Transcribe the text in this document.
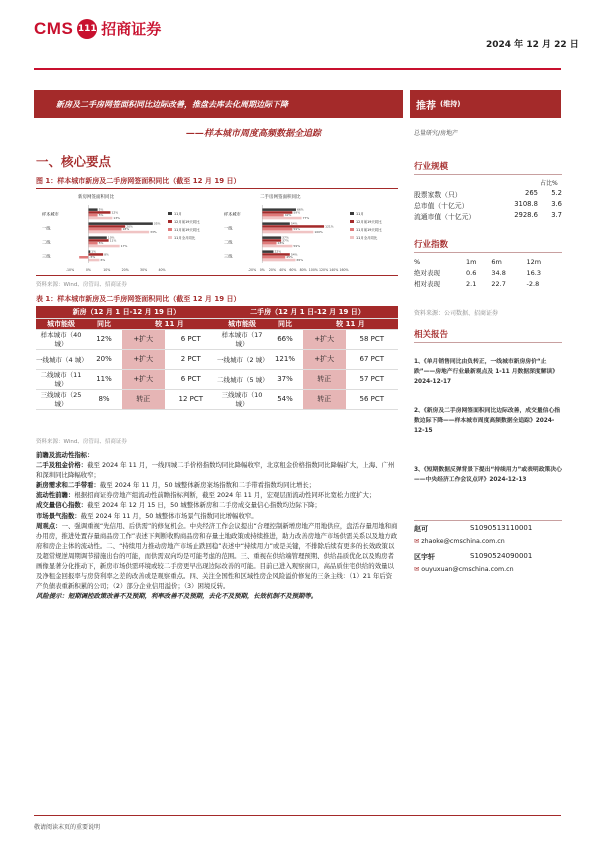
CMS 111 招商证券
2024 年 12 月 22 日
新房及二手房网签面积同比边际改善，推盘去库去化周期边际下降
——样本城市周度高频数据全追踪
推荐 (维持)
总量研究/房地产
行业规模
占比%
股票家数（只）	265	5.2
总市值（十亿元）	3108.8	3.6
流通市值（十亿元）	2928.6	3.7
行业指数
%	1m	6m	12m
绝对表现	0.6	34.8	16.3
相对表现	2.1	22.7	-2.8
资料来源：公司数据、招商证券
相关报告
1、《单月销售同比由负转正，一线城市新房房价“止跌”——房地产行业最新观点及 1-11 月数据深度解读》2024-12-17
2、《新房及二手房网签面积同比边际改善，成交量信心指数边际下降——样本城市周度高频数据全追踪》2024-12-15
3、《短期数据反弹背景下提出“持续用力”或表明政策决心——中央经济工作会议点评》2024-12-13
赵可	S1090513110001
✉ zhaoke@cmschina.com.cn
区宇轩	S1090524090001
✉ ouyuxuan@cmschina.com.cn
一、核心要点
图 1：样本城市新房及二手房网签面积同比（截至 12 月 19 日）
新房网签面积同比
样本城市
5%
12%
5%
13%
一线
35%
20%
18%
33%
二线
10%
11%
5%
17%
三线
1%
8%
-5%
6%
-10%	0%	10%	20%	30%	40%
11月
12月前19天同比
11月前19天同比
11月全月同比
二手房网签面积同比
样本城市
66%
59%
42%
77%
一线
54%
121%
59%
100%
二线
37%
37%
28%
59%
三线
22%
54%
45%
65%
-20% 0% 20% 40% 60% 80% 100% 120% 140% 160%
11月
12月前19天同比
11月前19天同比
11月全月同比
资料来源：Wind、房管局、招商证券
表 1：样本城市新房及二手房网签面积同比（截至 12 月 19 日）
新房（12 月 1 日-12 月 19 日）				二手房（12 月 1 日-12 月 19 日）			
城市能级	同比	较 11 月		城市能级	同比	较 11 月	
样本城市（40 城）	12%	+扩大	6 PCT	样本城市（17 城）	66%	+扩大	58 PCT
一线城市（4 城）	20%	+扩大	2 PCT	一线城市（2 城）	121%	+扩大	67 PCT
二线城市（11 城）	11%	+扩大	6 PCT	二线城市（5 城）	37%	转正	57 PCT
三线城市（25 城）	8%	转正	12 PCT	三线城市（10 城）	54%	转正	56 PCT
资料来源：Wind、房管局、招商证券
前瞻及流动性指标：
二手及租金价格：截至 2024 年 11 月，一线四城二手价格指数均同比降幅收窄，北京租金价格指数同比降幅扩大，上海、广州和深圳同比降幅收窄；
新房需求和二手带看：截至 2024 年 11 月，50 城整体新房案场指数和二手带看指数均同比增长；
流动性前瞻：根据招商证券房地产组流动性前瞻指标判断，截至 2024 年 11 月，宏观层面流动性同环比宽松力度扩大；
成交量信心指数：截至 2024 年 12 月 15 日，50 城整体新房和二手房成交量信心指数均边际下降；
市场景气指数：截至 2024 年 11 月，50 城整体市场景气指数同比增幅收窄。
周观点：一、强调重视“先信用、后供需”的修复机会。中央经济工作会议提出“合理控制新增房地产用地供应，盘活存量用地和商办用房，推进处置存量商品房工作”表述下判断收购商品房和存量土地政策或持续推进，助力改善房地产市场供需关系以及地方政府和房企主体的流动性。二、“持续用力推动房地产市场止跌回稳”表述中“持续用力”或是关键，不排除后续有更多的长效政策以及超常规逆周期调节措施出台的可能，而供需双向均是可能考虑的范围。三、重视在供给端管理预期、供给品质优化以及购房者画像显著分化推动下，新房市场供需环境或较二手房更早出现边际改善的可能。目前已进入观察窗口，高品质住宅供给的效量以及净租金回报率与房贷利率之差的改善或是观察重点。四、关注全国性和区域性房企风险溢价修复的三条主线：（1）21 年后资产负债表重新积累的公司；（2）部分企业信用溢价；（3）困境反转。
风险提示：短期调控政策改善不及预期，利率改善不及预期，去化不及预期，长效机制不及预期等。
敬请阅读末页的重要说明
